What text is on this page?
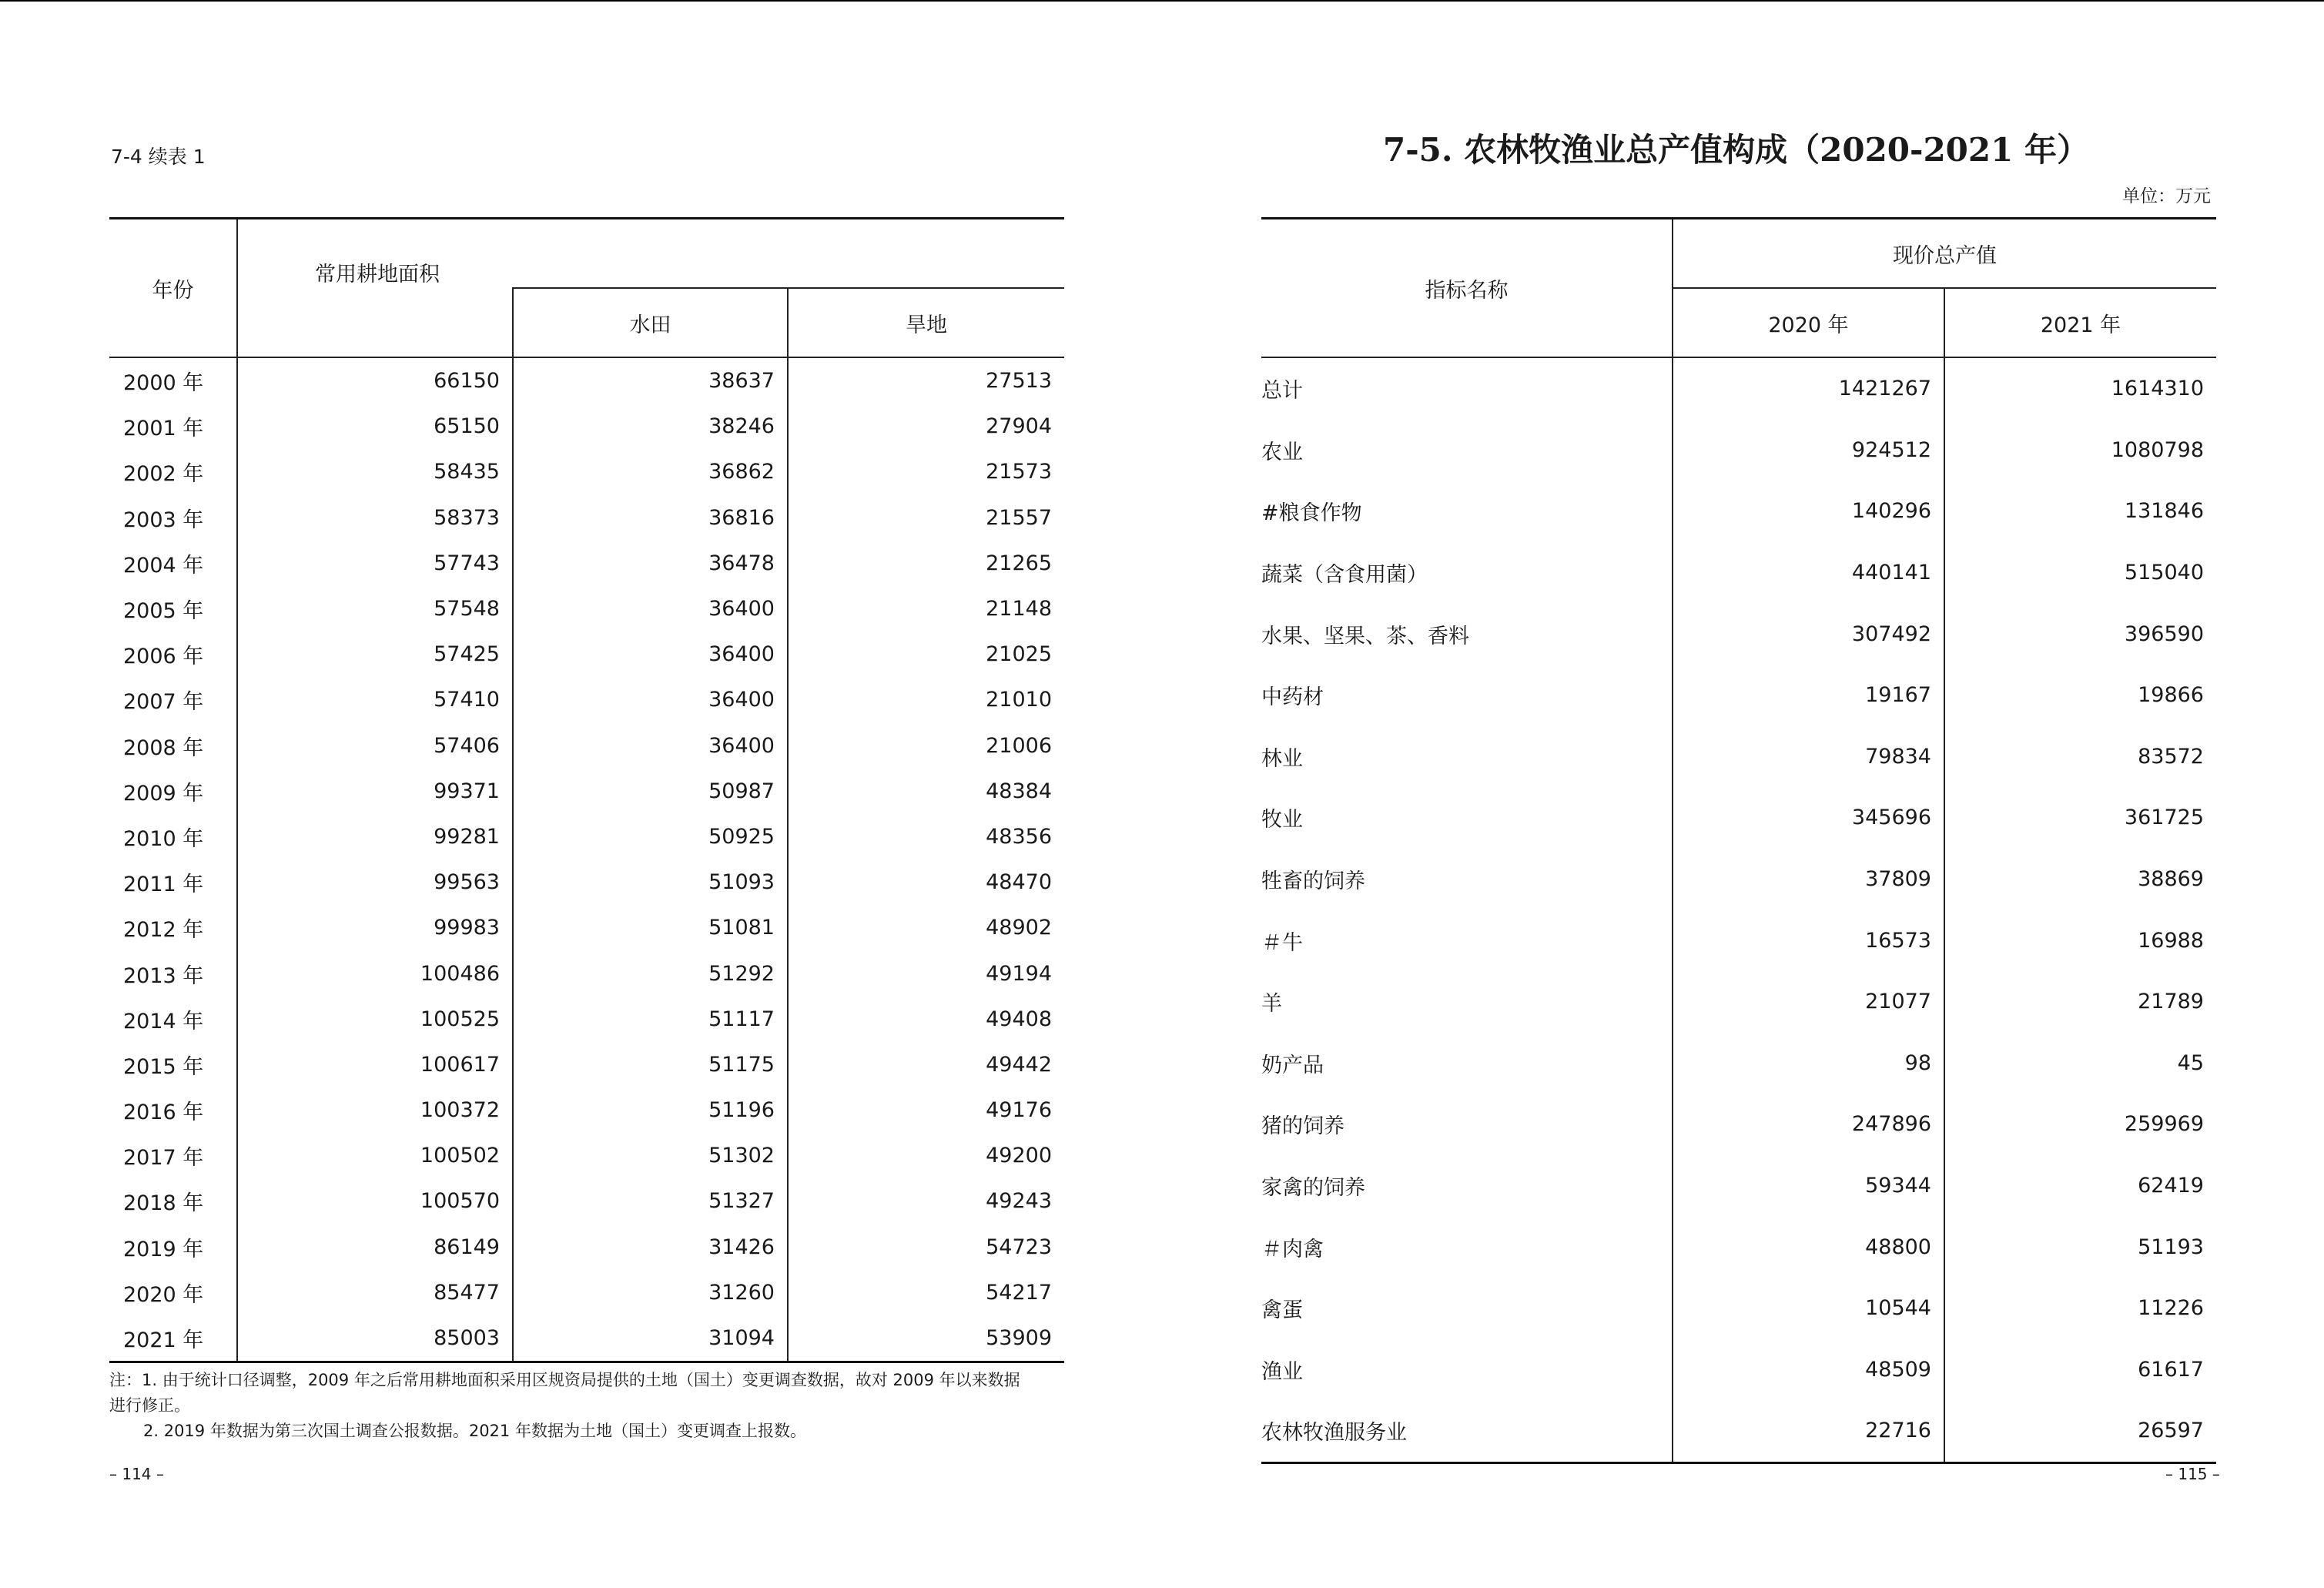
7-4 续表 1
年份	常用耕地面积		
		水田	旱地
2000 年	66150	38637	27513
2001 年	65150	38246	27904
2002 年	58435	36862	21573
2003 年	58373	36816	21557
2004 年	57743	36478	21265
2005 年	57548	36400	21148
2006 年	57425	36400	21025
2007 年	57410	36400	21010
2008 年	57406	36400	21006
2009 年	99371	50987	48384
2010 年	99281	50925	48356
2011 年	99563	51093	48470
2012 年	99983	51081	48902
2013 年	100486	51292	49194
2014 年	100525	51117	49408
2015 年	100617	51175	49442
2016 年	100372	51196	49176
2017 年	100502	51302	49200
2018 年	100570	51327	49243
2019 年	86149	31426	54723
2020 年	85477	31260	54217
2021 年	85003	31094	53909
注：1. 由于统计口径调整，2009 年之后常用耕地面积采用区规资局提供的土地（国土）变更调查数据，故对 2009 年以来数据
进行修正。
2. 2019 年数据为第三次国土调查公报数据。2021 年数据为土地（国土）变更调查上报数。
– 114 –
7-5. 农林牧渔业总产值构成（2020-2021 年）
单位：万元
指标名称	现价总产值	
	2020 年	2021 年
总计	1421267	1614310
农业	924512	1080798
#粮食作物	140296	131846
蔬菜（含食用菌）	440141	515040
水果、坚果、茶、香料	307492	396590
中药材	19167	19866
林业	79834	83572
牧业	345696	361725
牲畜的饲养	37809	38869
＃牛	16573	16988
羊	21077	21789
奶产品	98	45
猪的饲养	247896	259969
家禽的饲养	59344	62419
＃肉禽	48800	51193
禽蛋	10544	11226
渔业	48509	61617
农林牧渔服务业	22716	26597
– 115 –
